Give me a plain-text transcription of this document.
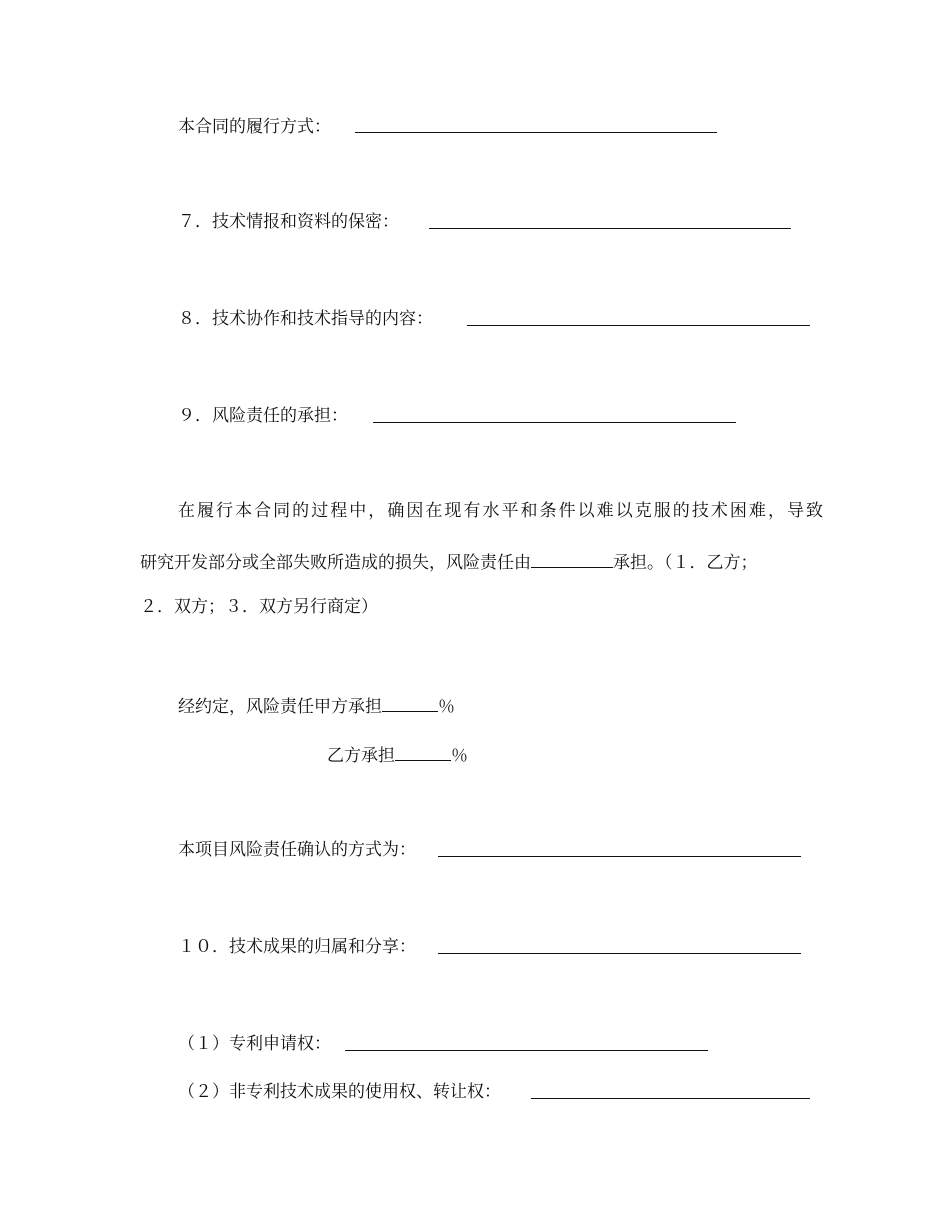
本合同的履行方式：
７．技术情报和资料的保密：
８．技术协作和技术指导的内容：
９．风险责任的承担：
在履行本合同的过程中，确因在现有水平和条件以难以克服的技术困难，导致
研究开发部分或全部失败所造成的损失，风险责任由	承担。（１．乙方；
２．双方；３．双方另行商定）
经约定，风险责任甲方承担	％
乙方承担	％
本项目风险责任确认的方式为：
１０．技术成果的归属和分享：
（１）专利申请权：
（２）非专利技术成果的使用权、转让权：
